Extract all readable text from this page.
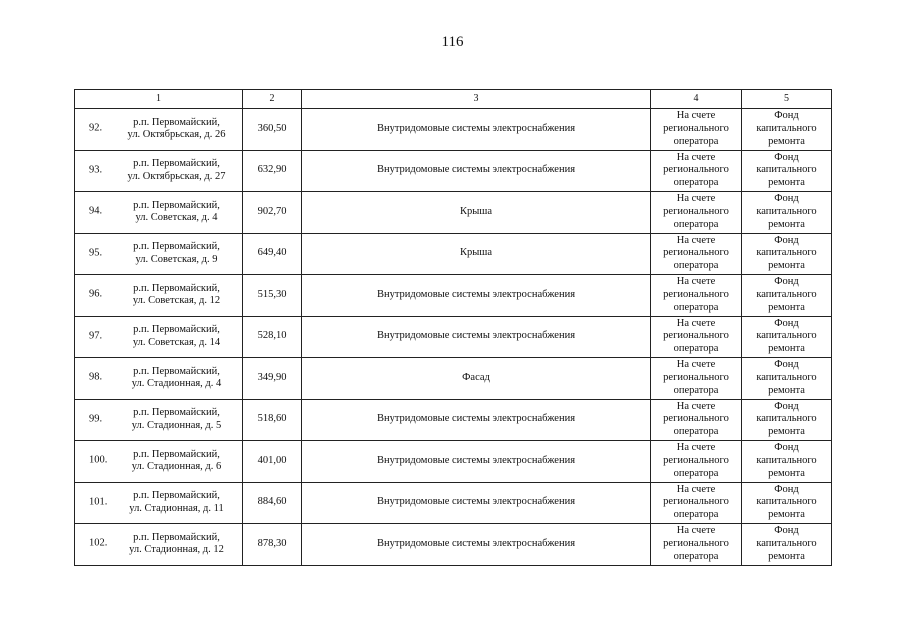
116
1	2	3	4	5

92.
р.п. Первомайский,
ул. Октябрьская, д. 26	360,50	Внутридомовые системы электроснабжения	На счете
регионального
оператора	Фонд
капитального
ремонта

93.
р.п. Первомайский,
ул. Октябрьская, д. 27	632,90	Внутридомовые системы электроснабжения	На счете
регионального
оператора	Фонд
капитального
ремонта

94.
р.п. Первомайский,
ул. Советская, д. 4	902,70	Крыша	На счете
регионального
оператора	Фонд
капитального
ремонта

95.
р.п. Первомайский,
ул. Советская, д. 9	649,40	Крыша	На счете
регионального
оператора	Фонд
капитального
ремонта

96.
р.п. Первомайский,
ул. Советская, д. 12	515,30	Внутридомовые системы электроснабжения	На счете
регионального
оператора	Фонд
капитального
ремонта

97.
р.п. Первомайский,
ул. Советская, д. 14	528,10	Внутридомовые системы электроснабжения	На счете
регионального
оператора	Фонд
капитального
ремонта

98.
р.п. Первомайский,
ул. Стадионная, д. 4	349,90	Фасад	На счете
регионального
оператора	Фонд
капитального
ремонта

99.
р.п. Первомайский,
ул. Стадионная, д. 5	518,60	Внутридомовые системы электроснабжения	На счете
регионального
оператора	Фонд
капитального
ремонта

100.
р.п. Первомайский,
ул. Стадионная, д. 6	401,00	Внутридомовые системы электроснабжения	На счете
регионального
оператора	Фонд
капитального
ремонта

101.
р.п. Первомайский,
ул. Стадионная, д. 11	884,60	Внутридомовые системы электроснабжения	На счете
регионального
оператора	Фонд
капитального
ремонта

102.
р.п. Первомайский,
ул. Стадионная, д. 12	878,30	Внутридомовые системы электроснабжения	На счете
регионального
оператора	Фонд
капитального
ремонта
